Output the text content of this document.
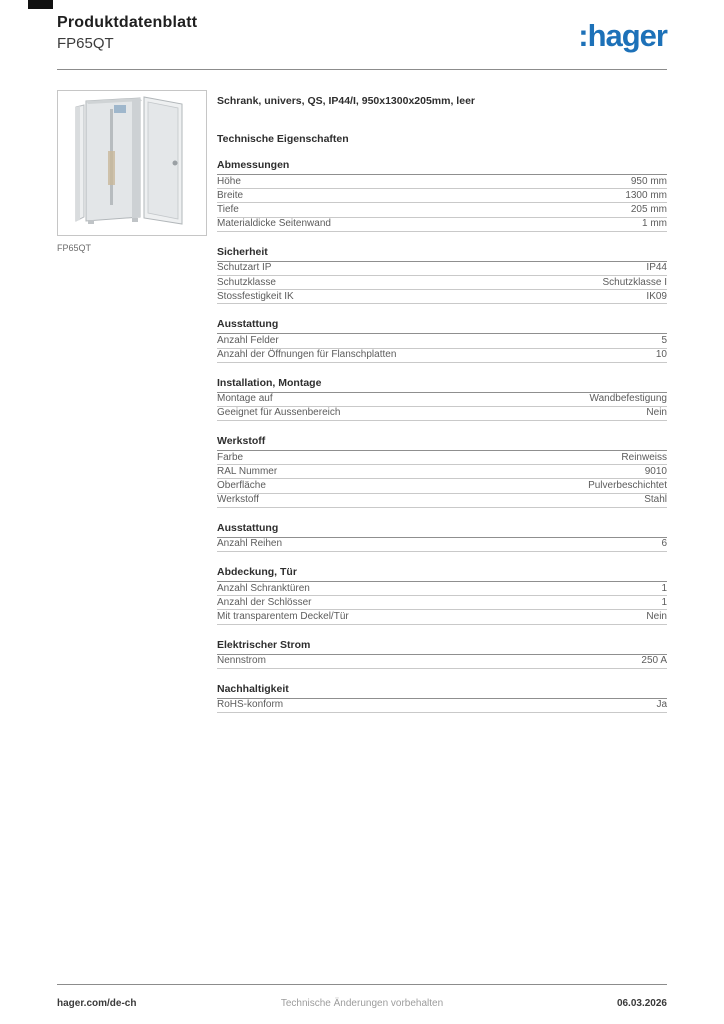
Produktdatenblatt
FP65QT	:hager
FP65QT
Schrank, univers, QS, IP44/I, 950x1300x205mm, leer
Technische Eigenschaften
Abmessungen
Höhe	950 mm
Breite	1300 mm
Tiefe	205 mm
Materialdicke Seitenwand	1 mm
Sicherheit
Schutzart IP	IP44
Schutzklasse	Schutzklasse I
Stossfestigkeit IK	IK09
Ausstattung
Anzahl Felder	5
Anzahl der Öffnungen für Flanschplatten	10
Installation, Montage
Montage auf	Wandbefestigung
Geeignet für Aussenbereich	Nein
Werkstoff
Farbe	Reinweiss
RAL Nummer	9010
Oberfläche	Pulverbeschichtet
Werkstoff	Stahl
Ausstattung
Anzahl Reihen	6
Abdeckung, Tür
Anzahl Schranktüren	1
Anzahl der Schlösser	1
Mit transparentem Deckel/Tür	Nein
Elektrischer Strom
Nennstrom	250 A
Nachhaltigkeit
RoHS-konform	Ja
hager.com/de-ch	Technische Änderungen vorbehalten	06.03.2026
